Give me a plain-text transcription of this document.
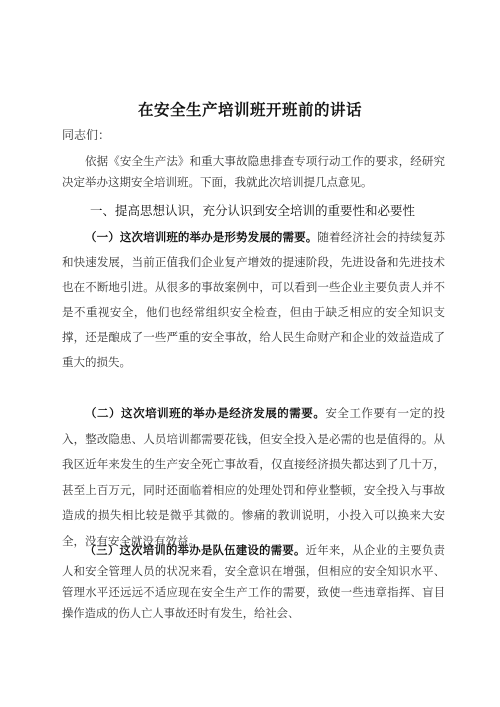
在安全生产培训班开班前的讲话
同志们：
依据《安全生产法》和重大事故隐患排查专项行动工作的要求，经研究决定举办这期安全培训班。下面，我就此次培训提几点意见。
一、提高思想认识，充分认识到安全培训的重要性和必要性
（一）这次培训班的举办是形势发展的需要。随着经济社会的持续复苏和快速发展，当前正值我们企业复产增效的提速阶段，先进设备和先进技术也在不断地引进。从很多的事故案例中，可以看到一些企业主要负责人并不是不重视安全，他们也经常组织安全检查，但由于缺乏相应的安全知识支撑，还是酿成了一些严重的安全事故，给人民生命财产和企业的效益造成了重大的损失。
（二）这次培训班的举办是经济发展的需要。安全工作要有一定的投入，整改隐患、人员培训都需要花钱，但安全投入是必需的也是值得的。从我区近年来发生的生产安全死亡事故看，仅直接经济损失都达到了几十万，甚至上百万元，同时还面临着相应的处理处罚和停业整顿，安全投入与事故造成的损失相比较是微乎其微的。惨痛的教训说明，小投入可以换来大安全，没有安全就没有效益。
（三）这次培训的举办是队伍建设的需要。近年来，从企业的主要负责人和安全管理人员的状况来看，安全意识在增强，但相应的安全知识水平、管理水平还远远不适应现在安全生产工作的需要，致使一些违章指挥、盲目操作造成的伤人亡人事故还时有发生，给社会、
